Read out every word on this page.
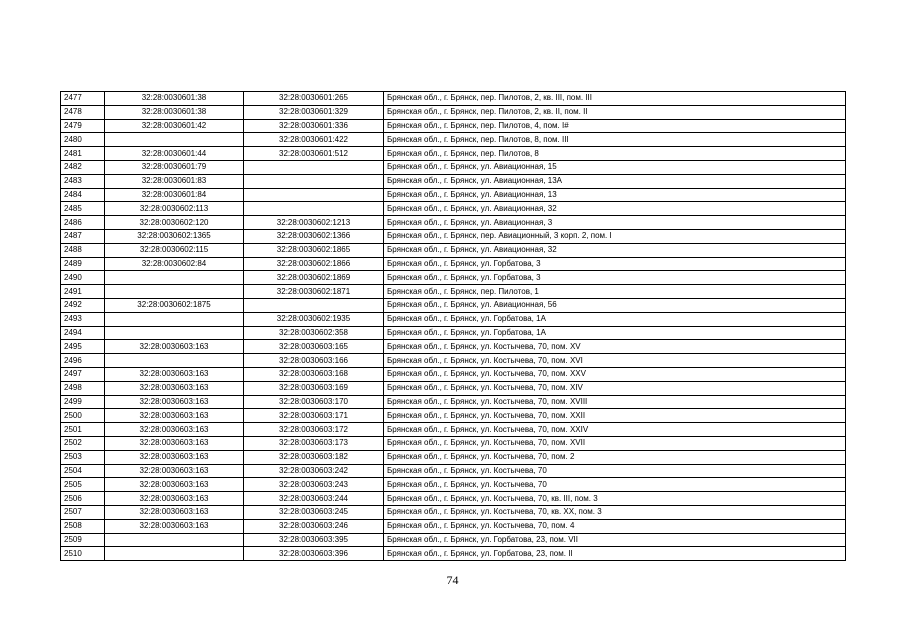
2477	32:28:0030601:38	32:28:0030601:265	Брянская обл., г. Брянск, пер. Пилотов, 2, кв. III, пом. III
2478	32:28:0030601:38	32:28:0030601:329	Брянская обл., г. Брянск, пер. Пилотов, 2, кв. II, пом. II
2479	32:28:0030601:42	32:28:0030601:336	Брянская обл., г. Брянск, пер. Пилотов, 4, пом. I#
2480		32:28:0030601:422	Брянская обл., г. Брянск, пер. Пилотов, 8, пом. III
2481	32:28:0030601:44	32:28:0030601:512	Брянская обл., г. Брянск, пер. Пилотов, 8
2482	32:28:0030601:79		Брянская обл., г. Брянск, ул. Авиационная, 15
2483	32:28:0030601:83		Брянская обл., г. Брянск, ул. Авиационная, 13А
2484	32:28:0030601:84		Брянская обл., г. Брянск, ул. Авиационная, 13
2485	32:28:0030602:113		Брянская обл., г. Брянск, ул. Авиационная, 32
2486	32:28:0030602:120	32:28:0030602:1213	Брянская обл., г. Брянск, ул. Авиационная, 3
2487	32:28:0030602:1365	32:28:0030602:1366	Брянская обл., г. Брянск, пер. Авиационный, 3 корп. 2, пом. I
2488	32:28:0030602:115	32:28:0030602:1865	Брянская обл., г. Брянск, ул. Авиационная, 32
2489	32:28:0030602:84	32:28:0030602:1866	Брянская обл., г. Брянск, ул. Горбатова, 3
2490		32:28:0030602:1869	Брянская обл., г. Брянск, ул. Горбатова, 3
2491		32:28:0030602:1871	Брянская обл., г. Брянск, пер. Пилотов, 1
2492	32:28:0030602:1875		Брянская обл., г. Брянск, ул. Авиационная, 56
2493		32:28:0030602:1935	Брянская обл., г. Брянск, ул. Горбатова, 1А
2494		32:28:0030602:358	Брянская обл., г. Брянск, ул. Горбатова, 1А
2495	32:28:0030603:163	32:28:0030603:165	Брянская обл., г. Брянск, ул. Костычева, 70, пом. XV
2496		32:28:0030603:166	Брянская обл., г. Брянск, ул. Костычева, 70, пом. XVI
2497	32:28:0030603:163	32:28:0030603:168	Брянская обл., г. Брянск, ул. Костычева, 70, пом. XXV
2498	32:28:0030603:163	32:28:0030603:169	Брянская обл., г. Брянск, ул. Костычева, 70, пом. XIV
2499	32:28:0030603:163	32:28:0030603:170	Брянская обл., г. Брянск, ул. Костычева, 70, пом. XVIII
2500	32:28:0030603:163	32:28:0030603:171	Брянская обл., г. Брянск, ул. Костычева, 70, пом. XXII
2501	32:28:0030603:163	32:28:0030603:172	Брянская обл., г. Брянск, ул. Костычева, 70, пом. XXIV
2502	32:28:0030603:163	32:28:0030603:173	Брянская обл., г. Брянск, ул. Костычева, 70, пом. XVII
2503	32:28:0030603:163	32:28:0030603:182	Брянская обл., г. Брянск, ул. Костычева, 70, пом. 2
2504	32:28:0030603:163	32:28:0030603:242	Брянская обл., г. Брянск, ул. Костычева, 70
2505	32:28:0030603:163	32:28:0030603:243	Брянская обл., г. Брянск, ул. Костычева, 70
2506	32:28:0030603:163	32:28:0030603:244	Брянская обл., г. Брянск, ул. Костычева, 70, кв. III, пом. 3
2507	32:28:0030603:163	32:28:0030603:245	Брянская обл., г. Брянск, ул. Костычева, 70, кв. XX, пом. 3
2508	32:28:0030603:163	32:28:0030603:246	Брянская обл., г. Брянск, ул. Костычева, 70, пом. 4
2509		32:28:0030603:395	Брянская обл., г. Брянск, ул. Горбатова, 23, пом. VII
2510		32:28:0030603:396	Брянская обл., г. Брянск, ул. Горбатова, 23, пом. II
74
